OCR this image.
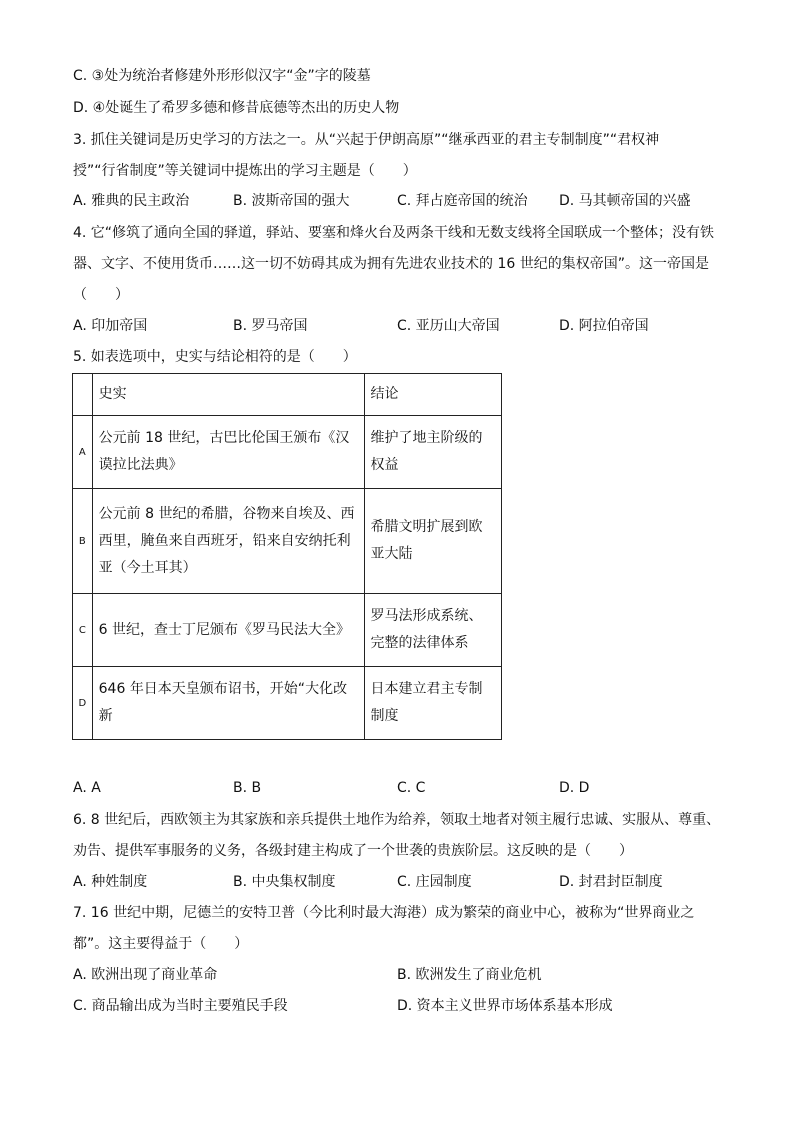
C. ③处为统治者修建外形形似汉字“金”字的陵墓
D. ④处诞生了希罗多德和修昔底德等杰出的历史人物
3. 抓住关键词是历史学习的方法之一。从“兴起于伊朗高原”“继承西亚的君主专制制度”“君权神
授”“行省制度”等关键词中提炼出的学习主题是（　　）
A. 雅典的民主政治	B. 波斯帝国的强大	C. 拜占庭帝国的统治 D. 马其顿帝国的兴盛
4. 它“修筑了通向全国的驿道，驿站、要塞和烽火台及两条干线和无数支线将全国联成一个整体；没有铁
器、文字、不使用货币……这一切不妨碍其成为拥有先进农业技术的 16 世纪的集权帝国”。这一帝国是
（　　）
A. 印加帝国	B. 罗马帝国	C. 亚历山大帝国	D. 阿拉伯帝国
5. 如表选项中，史实与结论相符的是（　　）
	史实	结论
A	公元前 18 世纪，古巴比伦国王颁布《汉谟拉比法典》	维护了地主阶级的权益
B	公元前 8 世纪的希腊，谷物来自埃及、西西里，腌鱼来自西班牙，铅来自安纳托利亚（今土耳其）	希腊文明扩展到欧亚大陆
C	6 世纪，查士丁尼颁布《罗马民法大全》	罗马法形成系统、完整的法律体系
D	646 年日本天皇颁布诏书，开始“大化改新	日本建立君主专制制度
A. A	B. B	C. C	D. D
6. 8 世纪后，西欧领主为其家族和亲兵提供土地作为给养，领取土地者对领主履行忠诚、实服从、尊重、
劝告、提供军事服务的义务，各级封建主构成了一个世袭的贵族阶层。这反映的是（　　）
A. 种姓制度	B. 中央集权制度	C. 庄园制度	D. 封君封臣制度
7. 16 世纪中期，尼德兰的安特卫普（今比利时最大海港）成为繁荣的商业中心，被称为“世界商业之
都”。这主要得益于（　　）
A. 欧洲出现了商业革命	B. 欧洲发生了商业危机
C. 商品输出成为当时主要殖民手段	D. 资本主义世界市场体系基本形成
